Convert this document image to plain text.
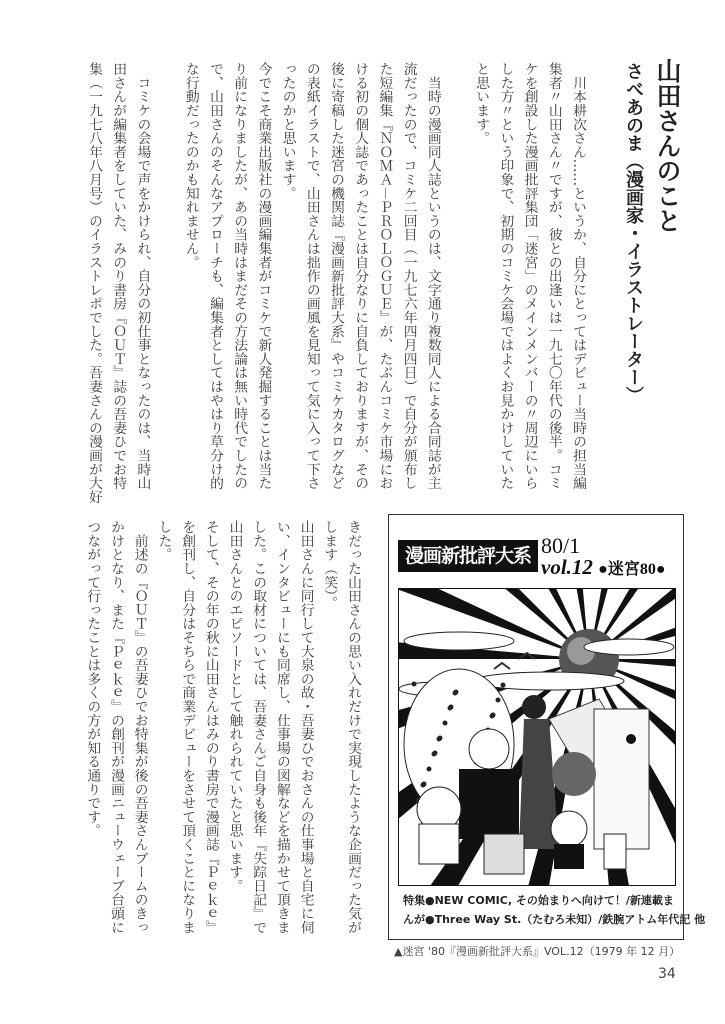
山田さんのこと
さべあのま（漫画家・イラストレーター）
　川本耕次さん……というか、自分にとってはデビュー当時の担当編
集者〃山田さん〃ですが、彼との出逢いは一九七〇年代の後半。コミ
ケを創設した漫画批評集団「迷宮」のメインメンバーの〃周辺にいら
した方〃という印象で、初期のコミケ会場ではよくお見かけしていた
と思います。
　当時の漫画同人誌というのは、文字通り複数同人による合同誌が主
流だったので、コミケ二回目（一九七六年四月四日）で自分が頒布し
た短編集『ＮＯＭＡ－ＰＲＯＬＯＧＵＥ』が、たぶんコミケ市場にお
ける初の個人誌であったことは自分なりに自負しておりますが、その
後に寄稿した迷宮の機関誌『漫画新批評大系』やコミケカタログなど
の表紙イラストで、山田さんは拙作の画風を見知って気に入って下さ
ったのかと思います。
今でこそ商業出版社の漫画編集者がコミケで新人発掘することは当た
り前になりましたが、あの当時はまだその方法論は無い時代でしたの
で、山田さんのそんなアプローチも、編集者としてはやはり草分け的
な行動だったのかも知れません。
　コミケの会場で声をかけられ、自分の初仕事となったのは、当時山
田さんが編集者をしていた、みのり書房『ＯＵＴ』誌の吾妻ひでお特
集（一九七八年八月号）のイラストレポでした。吾妻さんの漫画が大好
きだった山田さんの思い入れだけで実現したような企画だった気が
します（笑）。
山田さんに同行して大泉の故・吾妻ひでおさんの仕事場と自宅に伺
い、インタビューにも同席し、仕事場の図解などを描かせて頂きま
した。この取材については、吾妻さんご自身も後年『失踪日記』で
山田さんとのエピソードとして触れられていたと思います。
そして、その年の秋に山田さんはみのり書房で漫画誌『Ｐｅｋｅ』
を創刊し、自分はそちらで商業デビューをさせて頂くことになりま
した。
　前述の『ＯＵＴ』の吾妻ひでお特集が後の吾妻さんブームのきっ
かけとなり、また『Ｐｅｋｅ』の創刊が漫画ニューウェーブ台頭に
つながって行ったことは多くの方が知る通りです。	漫画新批評大系 80/1
vol.12 ●迷宮80●
特集●NEW COMIC, その始まりへ向けて！/新連載ま
んが●Three Way St.（たむろ未知）/鉄腕アトム年代記 他
▲迷宮 '80『漫画新批評大系』VOL.12（1979 年 12 月）
34
